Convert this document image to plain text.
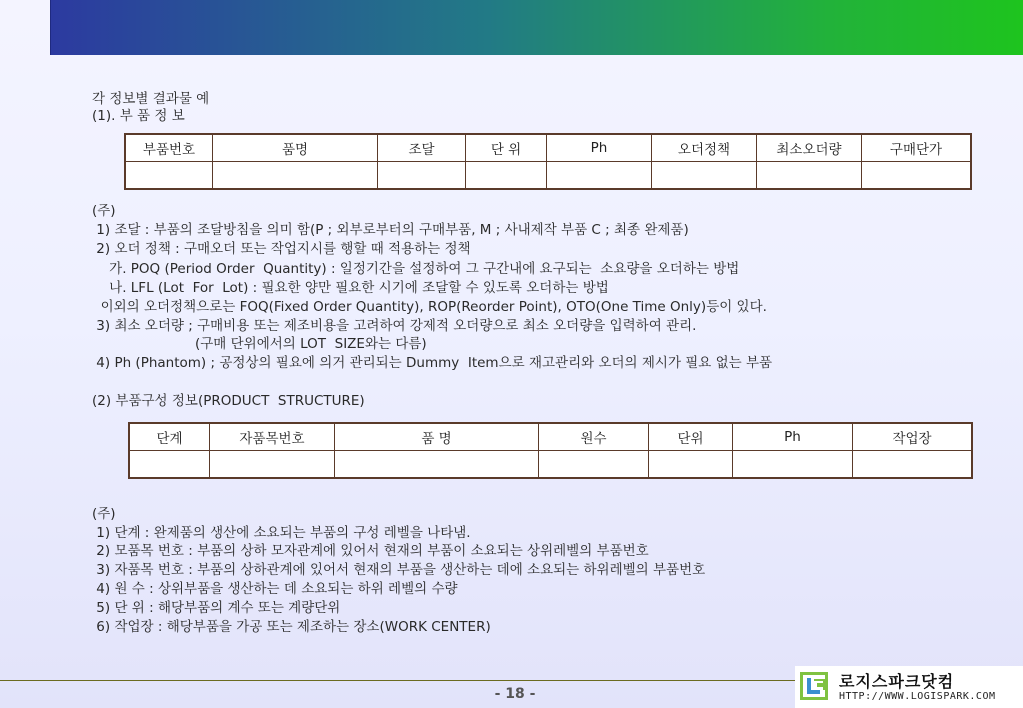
각 정보별 결과물 예
(1). 부 품 정 보
부품번호	품명	조달	단 위	Ph	오더정책	최소오더량	구매단가

(주)
1) 조달 : 부품의 조달방침을 의미 함(P ; 외부로부터의 구매부품, M ; 사내제작 부품 C ; 최종 완제품)
2) 오더 정책 : 구매오더 또는 작업지시를 행할 때 적용하는 정책
가. POQ (Period Order  Quantity) : 일정기간을 설정하여 그 구간내에 요구되는  소요량을 오더하는 방법
나. LFL (Lot  For  Lot) : 필요한 양만 필요한 시기에 조달할 수 있도록 오더하는 방법
이외의 오더정책으로는 FOQ(Fixed Order Quantity), ROP(Reorder Point), OTO(One Time Only)등이 있다.
3) 최소 오더량 ; 구매비용 또는 제조비용을 고려하여 강제적 오더량으로 최소 오더량을 입력하여 관리.
(구매 단위에서의 LOT  SIZE와는 다름)
4) Ph (Phantom) ; 공정상의 필요에 의거 관리되는 Dummy  Item으로 재고관리와 오더의 제시가 필요 없는 부품
(2) 부품구성 정보(PRODUCT  STRUCTURE)
단계	자품목번호	품 명	원수	단위	Ph	작업장

(주)
1) 단계 : 완제품의 생산에 소요되는 부품의 구성 레벨을 나타냄.
2) 모품목 번호 : 부품의 상하 모자관계에 있어서 현재의 부품이 소요되는 상위레벨의 부품번호
3) 자품목 번호 : 부품의 상하관계에 있어서 현재의 부품을 생산하는 데에 소요되는 하위레벨의 부품번호
4) 원 수 : 상위부품을 생산하는 데 소요되는 하위 레벨의 수량
5) 단 위 : 해당부품의 계수 또는 계량단위
6) 작업장 : 해당부품을 가공 또는 제조하는 장소(WORK CENTER)
- 18 -
로지스파크닷컴
HTTP://WWW.LOGISPARK.COM
